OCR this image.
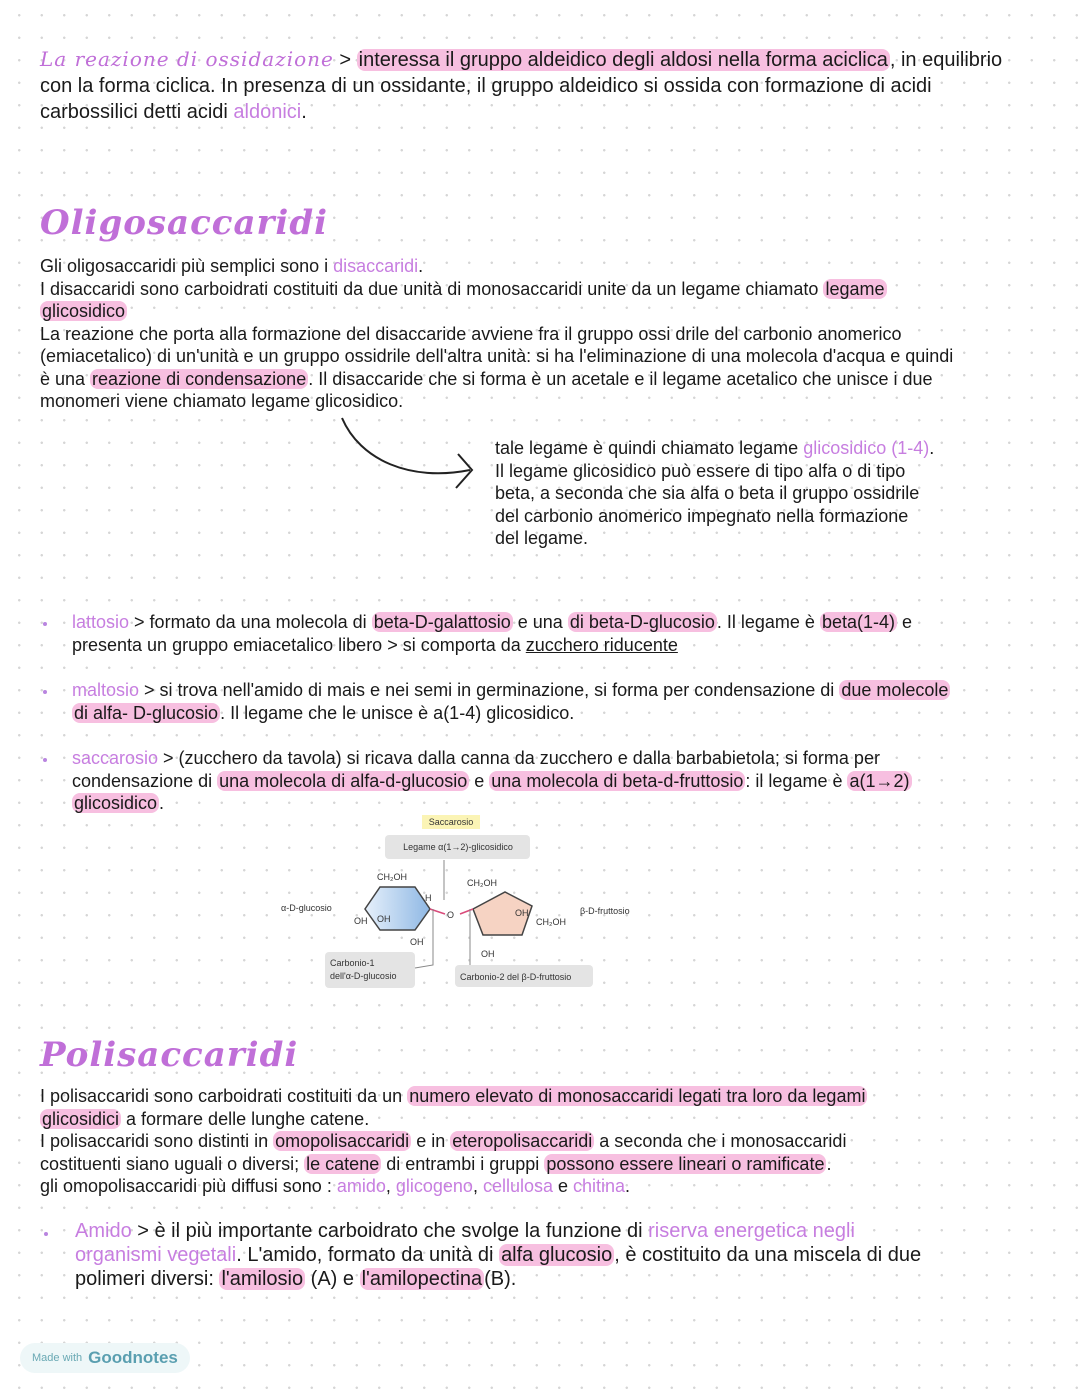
La reazione di ossidazione > interessa il gruppo aldeidico degli aldosi nella forma aciclica , in equilibrio
con la forma ciclica. In presenza di un ossidante, il gruppo aldeidico si ossida con formazione di acidi
carbossilici detti acidi aldonici.
Oligosaccaridi
Gli oligosaccaridi più semplici sono i disaccaridi.
I disaccaridi sono carboidrati costituiti da due unità di monosaccaridi unite da un legame chiamato legame
glicosidico
La reazione che porta alla formazione del disaccaride avviene fra il gruppo ossi drile del carbonio anomerico
(emiacetalico) di un'unità e un gruppo ossidrile dell'altra unità: si ha l'eliminazione di una molecola d'acqua e quindi
è una reazione di condensazione . Il disaccaride che si forma è un acetale e il legame acetalico che unisce i due
monomeri viene chiamato legame glicosidico.
tale legame è quindi chiamato legame glicosidico (1-4).
Il legame glicosidico può essere di tipo alfa o di tipo
beta, a seconda che sia alfa o beta il gruppo ossidrile
del carbonio anomerico impegnato nella formazione
del legame.
lattosio > formato da una molecola di beta-D-galattosio e una di beta-D-glucosio . Il legame è beta(1-4) e
presenta un gruppo emiacetalico libero > si comporta da zucchero riducente
maltosio > si trova nell'amido di mais e nei semi in germinazione, si forma per condensazione di due molecole
di alfa- D-glucosio . Il legame che le unisce è a(1-4) glicosidico.
saccarosio > (zucchero da tavola) si ricava dalla canna da zucchero e dalla barbabietola; si forma per
condensazione di una molecola di alfa-d-glucosio e una molecola di beta-d-fruttosio : il legame è a(1→2)
glicosidico .
Saccarosio
Legame α(1→2)-glicosidico
Carbonio-1
dell'α-D-glucosio	Carbonio-2 del β-D-fruttosio
O
CH₂OH
CH₂OH
CH₂OH
OH OH
OH
OH
OH
H
α-D-glucosio	β-D-fruttosio
Polisaccaridi
I polisaccaridi sono carboidrati costituiti da un numero elevato di monosaccaridi legati tra loro da legami
glicosidici a formare delle lunghe catene.
I polisaccaridi sono distinti in omopolisaccaridi e in eteropolisaccaridi a seconda che i monosaccaridi
costituenti siano uguali o diversi; le catene di entrambi i gruppi possono essere lineari o ramificate .
gli omopolisaccaridi più diffusi sono : amido, glicogeno, cellulosa e chitina.
Amido > è il più importante carboidrato che svolge la funzione di riserva energetica negli
organismi vegetali. L'amido, formato da unità di alfa glucosio , è costituito da una miscela di due
polimeri diversi: l'amilosio (A) e l'amilopectina (B).
Made with Goodnotes
